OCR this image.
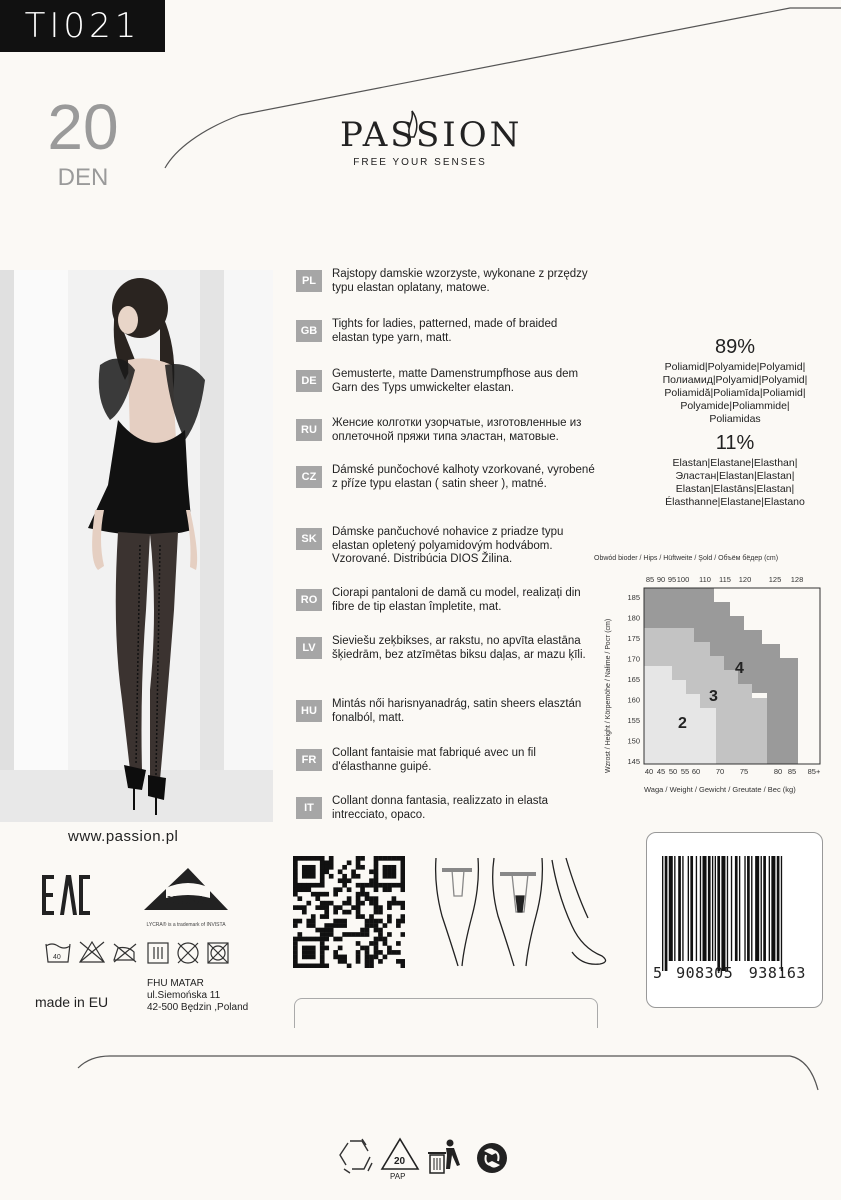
TI021
20
DEN
PASSION
FREE YOUR SENSES
PL
Rajstopy damskie wzorzyste, wykonane z przędzy typu elastan oplatany, matowe.
GB
Tights for ladies, patterned, made of braided elastan type yarn, matt.
DE
Gemusterte, matte Damenstrumpfhose aus dem Garn des Typs umwickelter elastan.
RU
Женсие колготки узорчатые, изготовленные из оплеточной пряжи типа эластан, матовые.
CZ
Dámské punčochové kalhoty vzorkované, vyrobené z příze typu elastan ( satin sheer ), matné.
SK
Dámske pančuchové nohavice z priadze typu elastan opletený polyamidovým hodvábom. Vzorované. Distribúcia DIOS Žilina.
RO
Ciorapi pantaloni de damă cu model, realizați din fibre de tip elastan împletite, mat.
LV
Sieviešu zeķbikses, ar rakstu, no apvīta elastāna šķiedrām, bez atzīmētas biksu daļas, ar mazu ķīli.
HU
Mintás női harisnyanadrág, satin sheers elasztán fonalból, matt.
FR
Collant fantaisie mat fabriqué avec un fil d'élasthanne guipé.
IT
Collant donna fantasia, realizzato in elasta intrecciato, opaco.
89%
Poliamid|Polyamide|Polyamid|
Полиамид|Polyamid|Polyamid|
Poliamidă|Poliamīda|Poliamid|
Polyamide|Poliammide|
Poliamidas
11%
Elastan|Elastane|Elasthan|
Эластан|Elastan|Elastan|
Elastan|Elastāns|Elastan|
Élasthanne|Elastane|Elastano
Obwód bioder / Hips / Hüftweite / Şold / Объём бёдер (cm)
85 90 95 100 110 115 120 125 128
Wzrost / Height / Körpemöhe / Nałime / Рост (cm)
185
180
175
170
165
160
155
150
145
4
3
2
40 45 50 55 60 70 75	80 85 85+
Waga / Weight / Gewicht / Greutate / Bec (kg)
www.passion.pl
LYCRA
LYCRA® is a trademark of INVISTA
40
made in EU
FHU MATAR
ul.Siemońska 11
42-500 Będzin ,Poland
5 908305 938163
20
PAP
